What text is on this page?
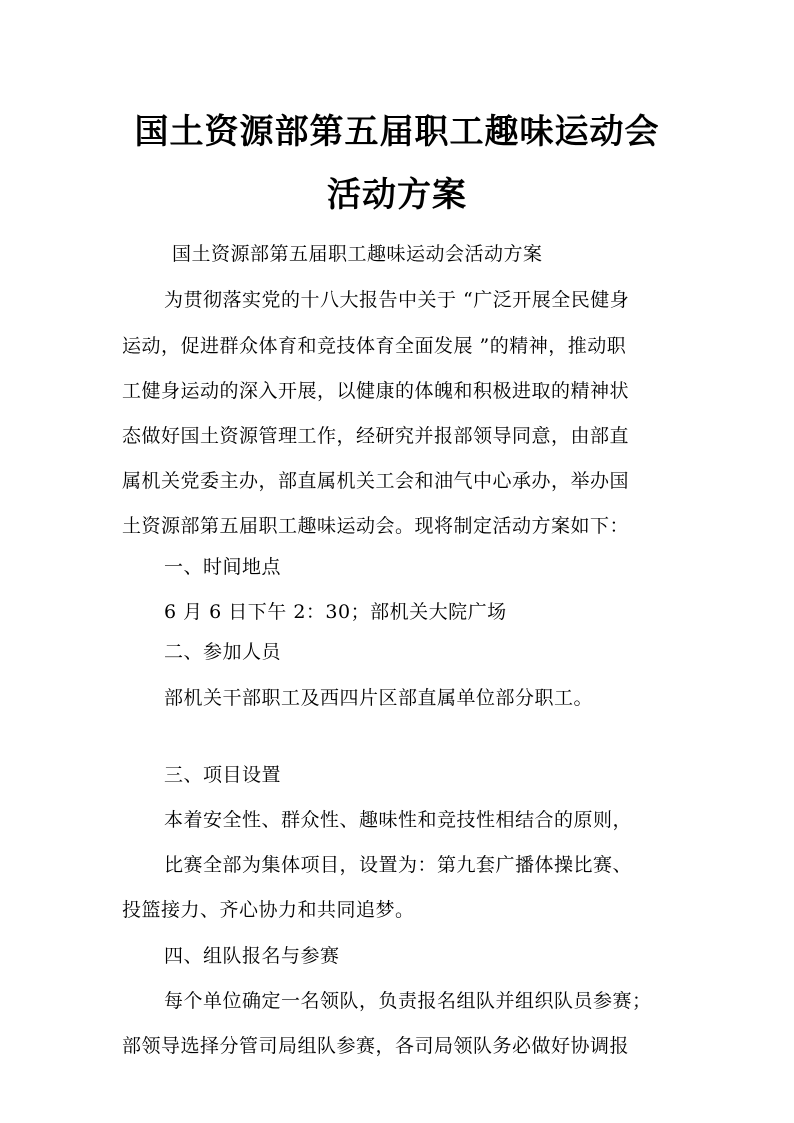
国土资源部第五届职工趣味运动会
活动方案
国土资源部第五届职工趣味运动会活动方案
为贯彻落实党的十八大报告中关于 “广泛开展全民健身
运动，促进群众体育和竞技体育全面发展 ”的精神，推动职
工健身运动的深入开展，以健康的体魄和积极进取的精神状
态做好国土资源管理工作，经研究并报部领导同意，由部直
属机关党委主办，部直属机关工会和油气中心承办，举办国
土资源部第五届职工趣味运动会。现将制定活动方案如下：
一、时间地点
6 月 6 日下午 2：30；部机关大院广场
二、参加人员
部机关干部职工及西四片区部直属单位部分职工。
三、项目设置
本着安全性、群众性、趣味性和竞技性相结合的原则，
比赛全部为集体项目，设置为：第九套广播体操比赛、
投篮接力、齐心协力和共同追梦。
四、组队报名与参赛
每个单位确定一名领队，负责报名组队并组织队员参赛；
部领导选择分管司局组队参赛，各司局领队务必做好协调报
